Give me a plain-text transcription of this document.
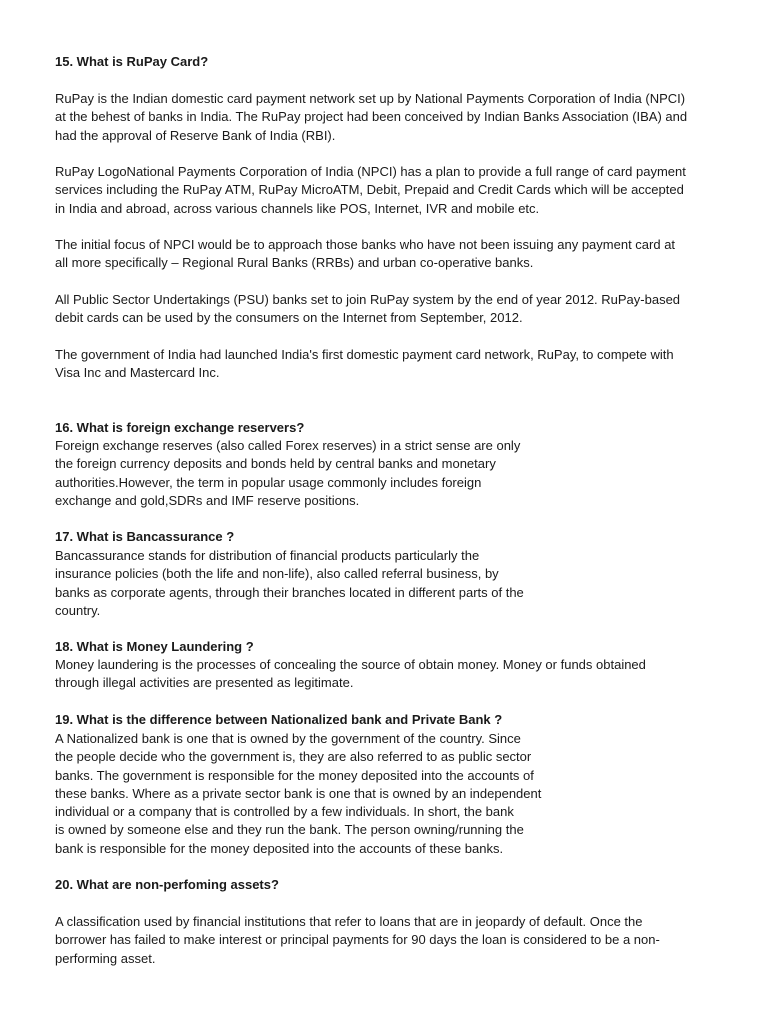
15. What is RuPay Card?

RuPay is the Indian domestic card payment network set up by National Payments Corporation of India (NPCI)
at the behest of banks in India. The RuPay project had been conceived by Indian Banks Association (IBA) and
had the approval of Reserve Bank of India (RBI).

RuPay LogoNational Payments Corporation of India (NPCI) has a plan to provide a full range of card payment
services including the RuPay ATM, RuPay MicroATM, Debit, Prepaid and Credit Cards which will be accepted
in India and abroad, across various channels like POS, Internet, IVR and mobile etc.

The initial focus of NPCI would be to approach those banks who have not been issuing any payment card at
all more specifically – Regional Rural Banks (RRBs) and urban co-operative banks.

All Public Sector Undertakings (PSU) banks set to join RuPay system by the end of year 2012. RuPay-based
debit cards can be used by the consumers on the Internet from September, 2012.

The government of India had launched India's first domestic payment card network, RuPay, to compete with
Visa Inc and Mastercard Inc.

16. What is foreign exchange reservers?

Foreign exchange reserves (also called Forex reserves) in a strict sense are only
the foreign currency deposits and bonds held by central banks and monetary
authorities.However, the term in popular usage commonly includes foreign
exchange and gold,SDRs and IMF reserve positions.

17. What is Bancassurance ?

Bancassurance stands for distribution of financial products particularly the
insurance policies (both the life and non-life), also called referral business, by
banks as corporate agents, through their branches located in different parts of the
country.

18. What is Money Laundering ?

Money laundering is the processes of concealing the source of obtain money. Money or funds obtained
through illegal activities are presented as legitimate.

19. What is the difference between Nationalized bank and Private Bank ?

A Nationalized bank is one that is owned by the government of the country. Since
the people decide who the government is, they are also referred to as public sector
banks. The government is responsible for the money deposited into the accounts of
these banks. Where as a private sector bank is one that is owned by an independent
individual or a company that is controlled by a few individuals. In short, the bank
is owned by someone else and they run the bank. The person owning/running the
bank is responsible for the money deposited into the accounts of these banks.

20. What are non-perfoming assets?

A classification used by financial institutions that refer to loans that are in jeopardy of default. Once the
borrower has failed to make interest or principal payments for 90 days the loan is considered to be a non-
performing asset.
